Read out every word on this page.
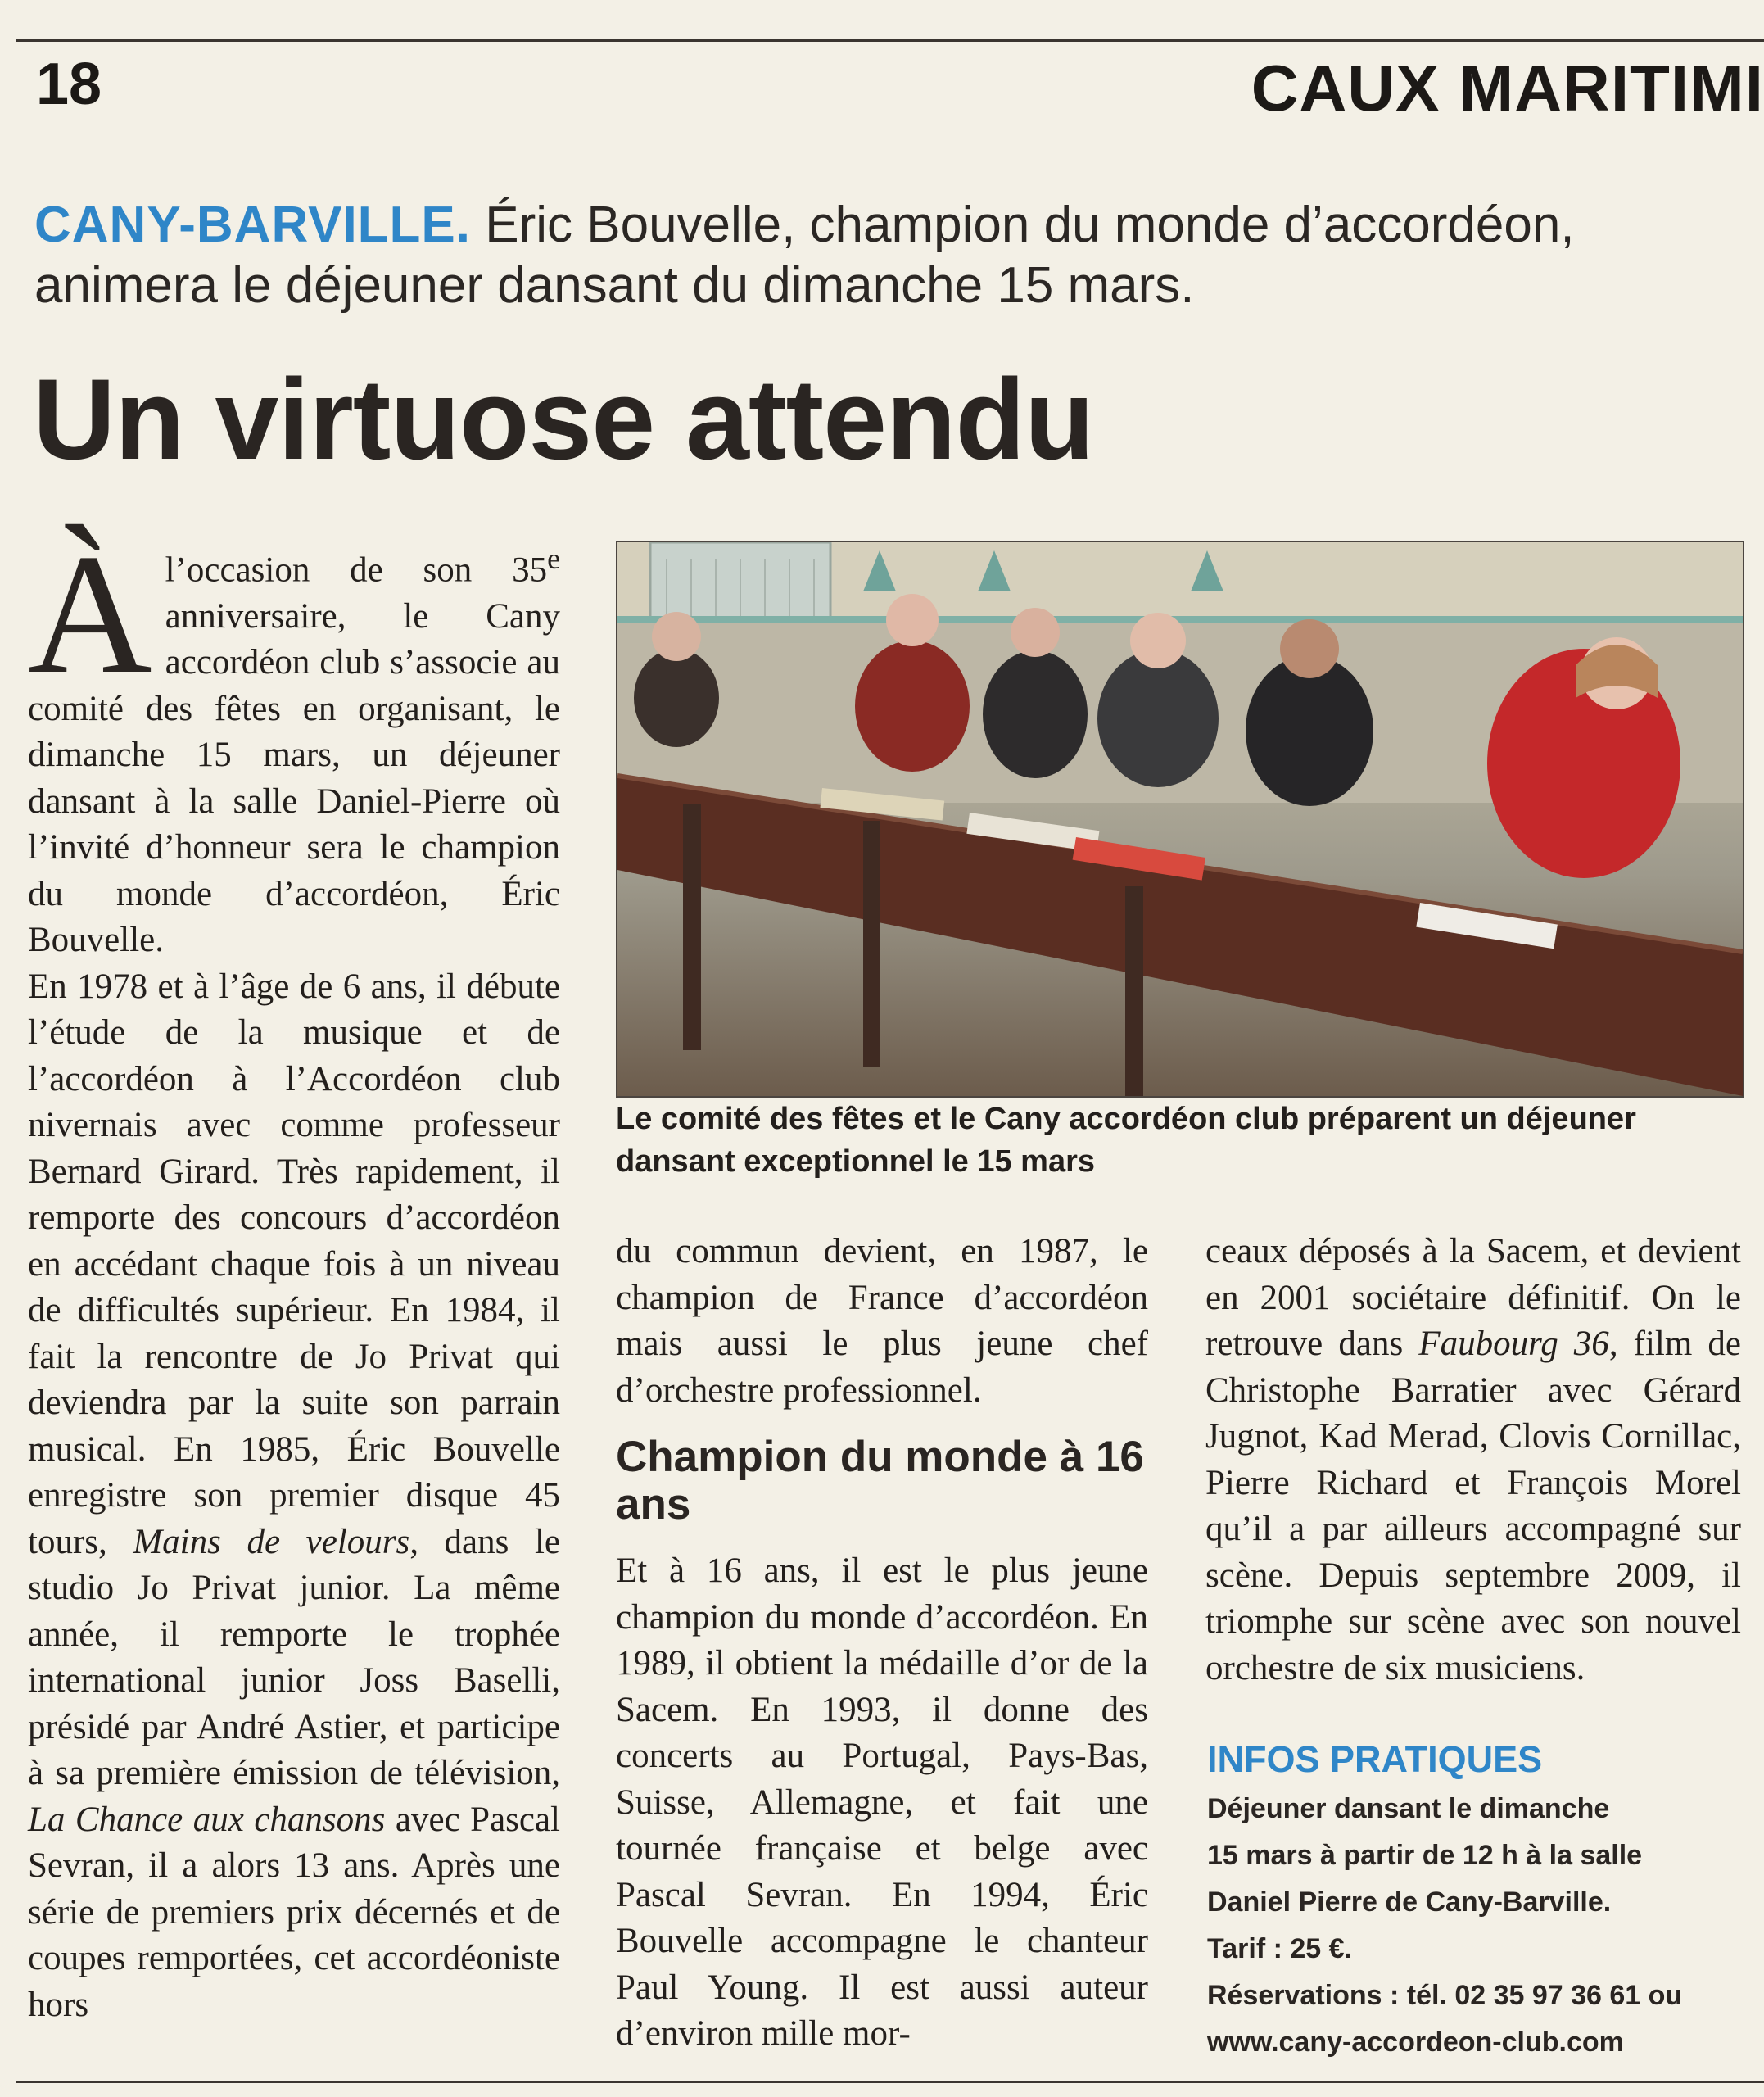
18	CAUX MARITIMI
CANY-BARVILLE. Éric Bouvelle, champion du monde d’accordéon, animera le déjeuner dansant du dimanche 15 mars.
Un virtuose attendu

À l’occasion de son 35e anniversaire, le Cany accordéon club s’associe au comité des fêtes en organisant, le dimanche 15 mars, un déjeuner dansant à la salle Daniel-Pierre où l’invité d’honneur sera le champion du monde d’accordéon, Éric Bouvelle.

En 1978 et à l’âge de 6 ans, il débute l’étude de la musique et de l’accordéon à l’Accordéon club nivernais avec comme professeur Bernard Girard. Très rapidement, il remporte des concours d’accordéon en accédant chaque fois à un niveau de difficultés supérieur. En 1984, il fait la rencontre de Jo Privat qui deviendra par la suite son parrain musical. En 1985, Éric Bouvelle enregistre son premier disque 45 tours, Mains de velours, dans le studio Jo Privat junior. La même année, il remporte le trophée international junior Joss Baselli, présidé par André Astier, et participe à sa première émission de télévision, La Chance aux chansons avec Pascal Sevran, il a alors 13 ans. Après une série de premiers prix décernés et de coupes remportées, cet accordéoniste hors

Le comité des fêtes et le Cany accordéon club préparent un déjeuner dansant exceptionnel le 15 mars

du commun devient, en 1987, le champion de France d’accordéon mais aussi le plus jeune chef d’orchestre professionnel.

Champion du monde à 16 ans

Et à 16 ans, il est le plus jeune champion du monde d’accordéon. En 1989, il obtient la médaille d’or de la Sacem. En 1993, il donne des concerts au Portugal, Pays-Bas, Suisse, Allemagne, et fait une tournée française et belge avec Pascal Sevran. En 1994, Éric Bouvelle accompagne le chanteur Paul Young. Il est aussi auteur d’environ mille mor-

ceaux déposés à la Sacem, et devient en 2001 sociétaire définitif. On le retrouve dans Faubourg 36, film de Christophe Barratier avec Gérard Jugnot, Kad Merad, Clovis Cornillac, Pierre Richard et François Morel qu’il a par ailleurs accompagné sur scène. Depuis septembre 2009, il triomphe sur scène avec son nouvel orchestre de six musiciens.

INFOS PRATIQUES
Déjeuner dansant le dimanche
15 mars à partir de 12 h à la salle
Daniel Pierre de Cany-Barville.
Tarif : 25 €.
Réservations : tél. 02 35 97 36 61 ou
www.cany-accordeon-club.com
